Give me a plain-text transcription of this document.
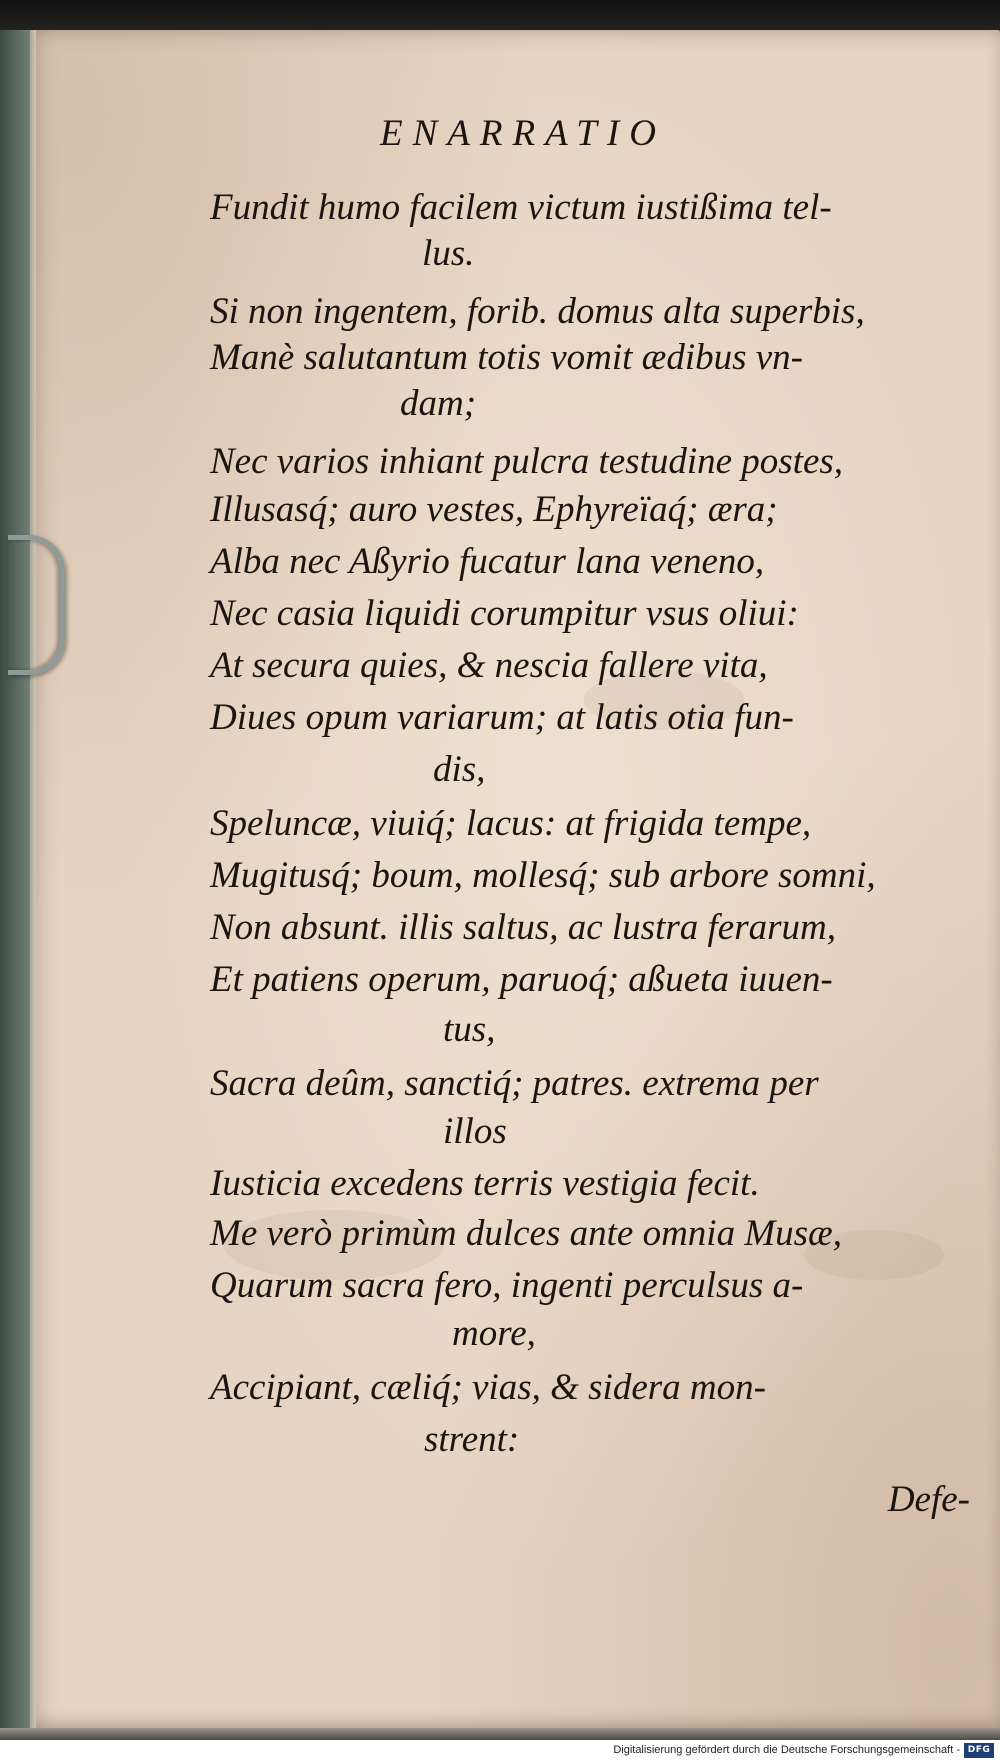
ENARRATIO
Fundit humo facilem victum iustißima tel-
lus.
Si non ingentem, forib. domus alta superbis,
Manè salutantum totis vomit ædibus vn-
dam;
Nec varios inhiant pulcra testudine postes,
Illusasq́; auro vestes, Ephyreïaq́; æra;
Alba nec Aßyrio fucatur lana veneno,
Nec casia liquidi corumpitur vsus oliui:
At secura quies, & nescia fallere vita,
Diues opum variarum; at latis otia fun-
dis,
Speluncæ, viuiq́; lacus: at frigida tempe,
Mugitusq́; boum, mollesq́; sub arbore somni,
Non absunt. illis saltus, ac lustra ferarum,
Et patiens operum, paruoq́; aßueta iuuen-
tus,
Sacra deûm, sanctiq́; patres. extrema per
illos
Iusticia excedens terris vestigia fecit.
Me verò primùm dulces ante omnia Musæ,
Quarum sacra fero, ingenti perculsus a-
more,
Accipiant, cæliq́; vias, & sidera mon-
strent:
Defe-
Digitalisierung gefördert durch die Deutsche Forschungsgemeinschaft - DFG
